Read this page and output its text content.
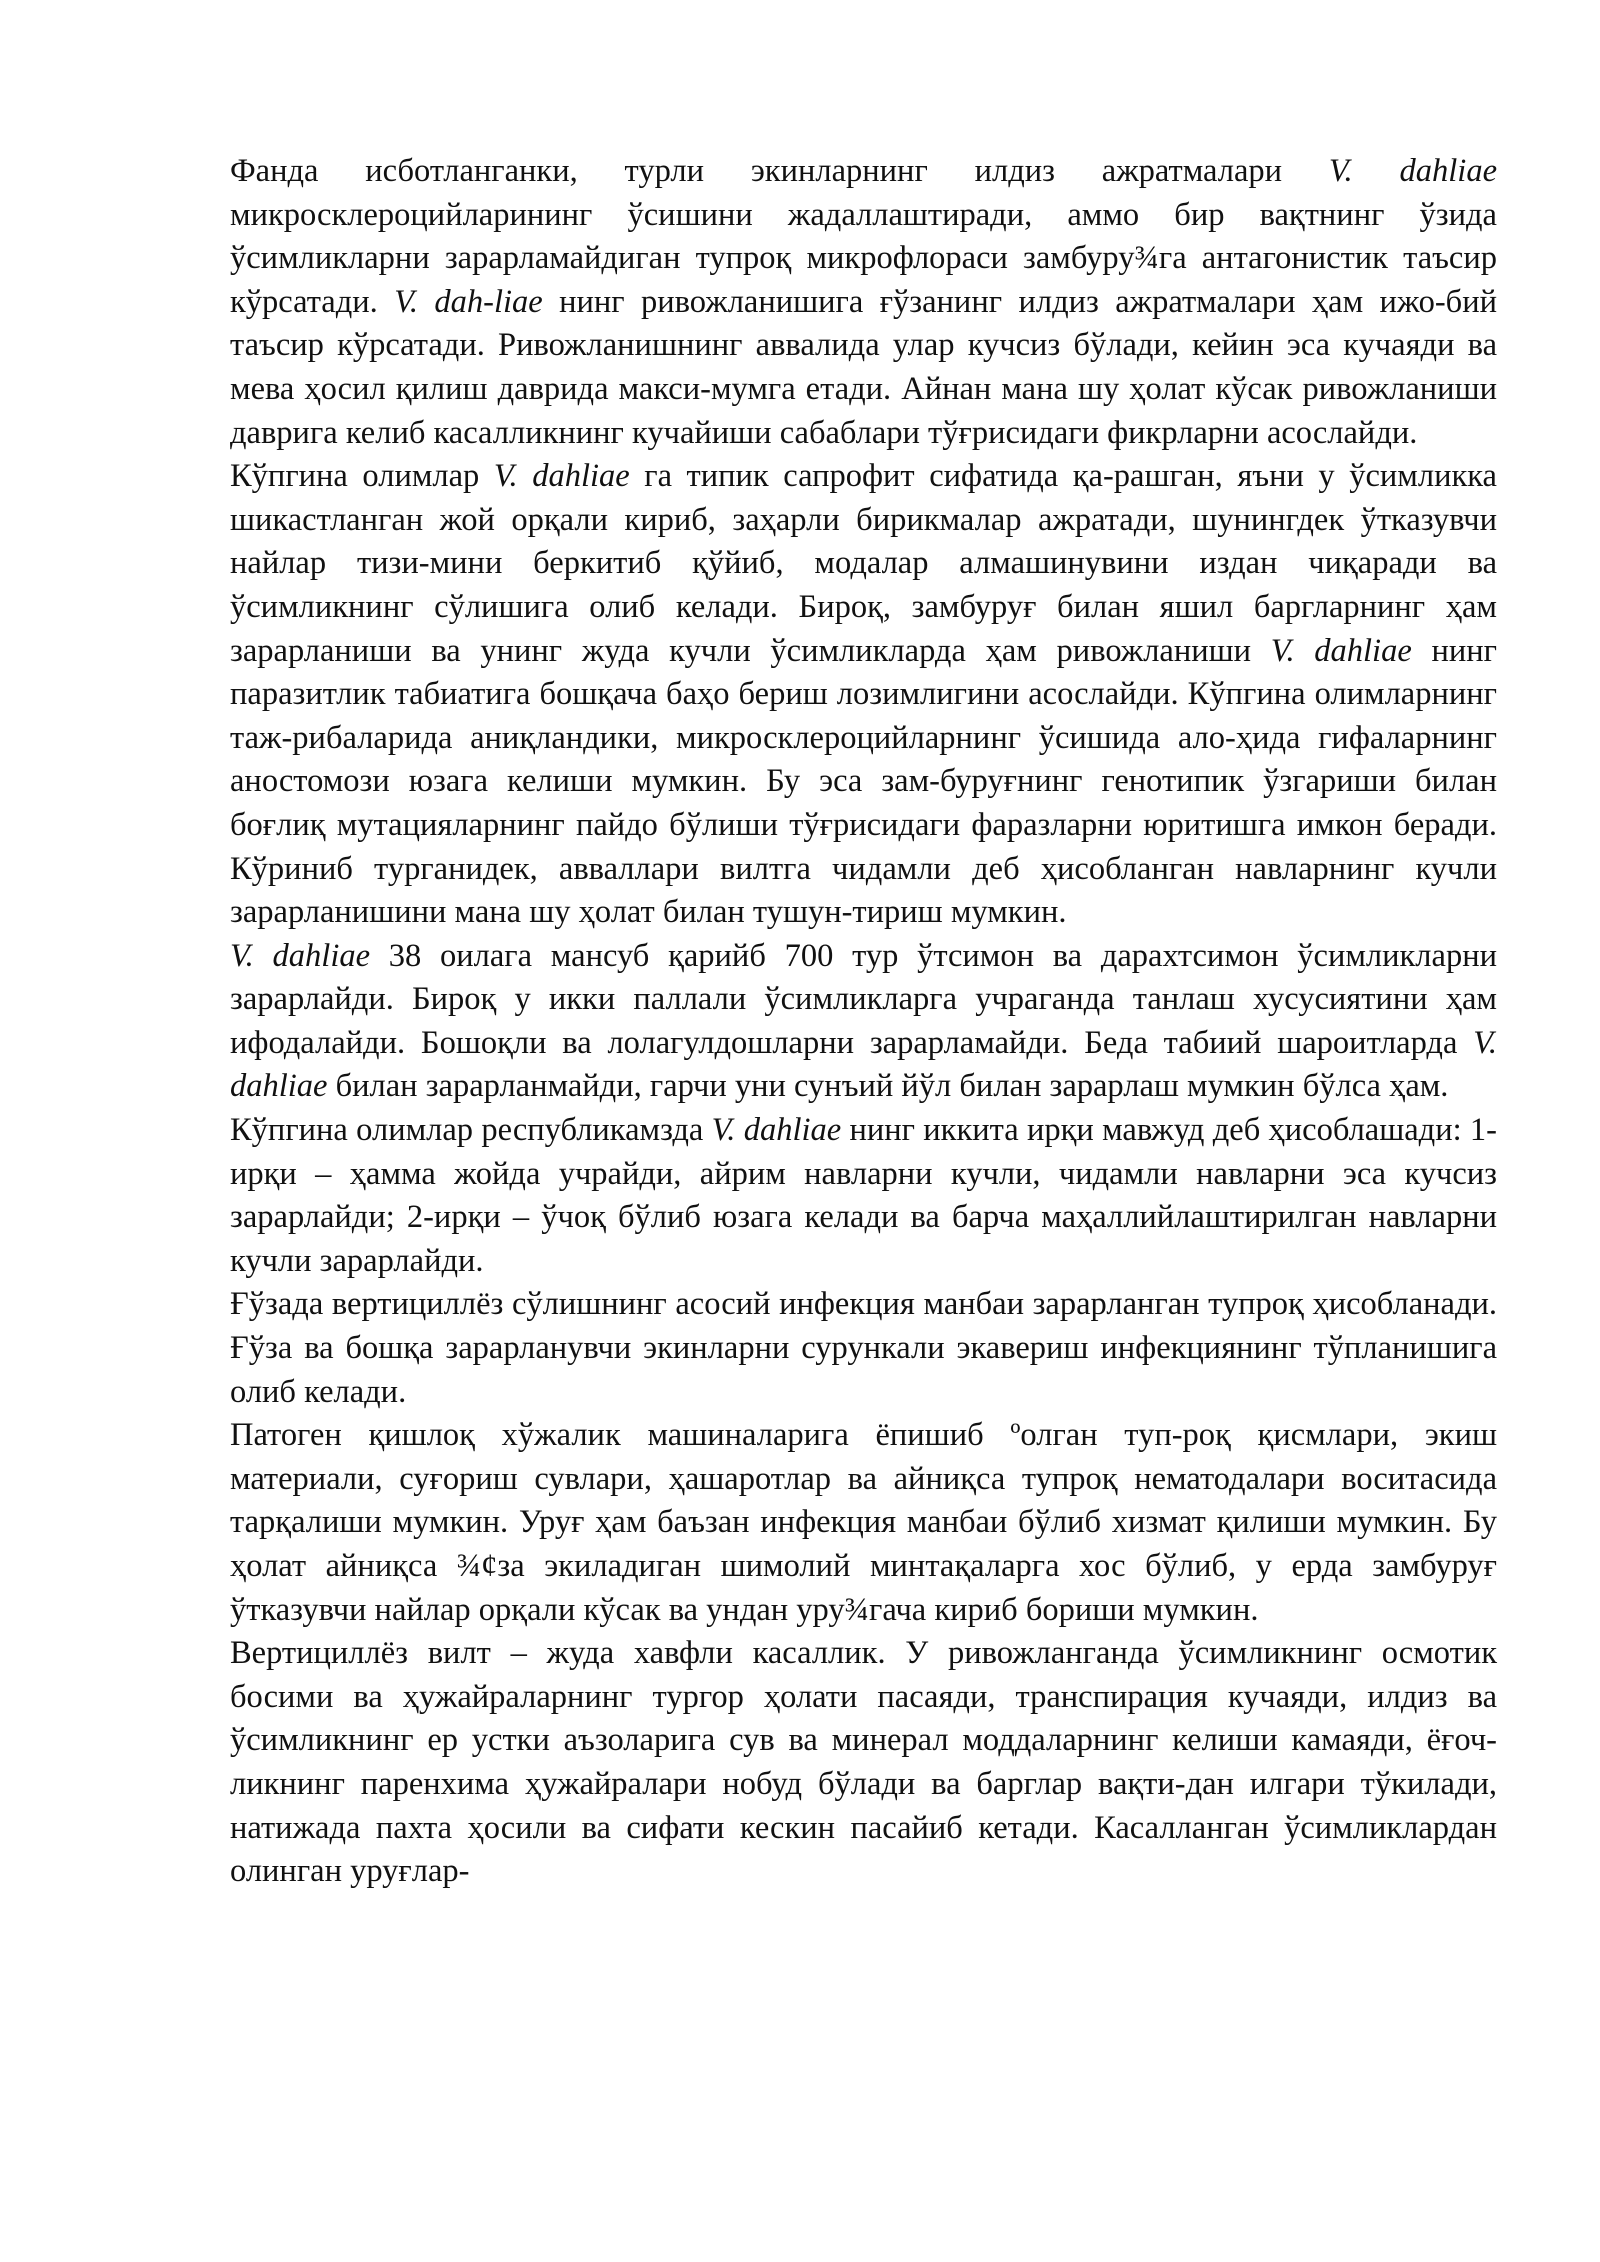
Фанда исботланганки, турли экинларнинг илдиз ажратмалари V. dahliae микросклероцийларининг ўсишини жадаллаштиради, аммо бир вақтнинг ўзида ўсимликларни зарарламайдиган тупроқ микрофлораси замбуру¾га антагонистик таъсир кўрсатади. V. dah-liae нинг ривожланишига ғўзанинг илдиз ажратмалари ҳам ижо-бий таъсир кўрсатади. Ривожланишнинг аввалида улар кучсиз бўлади, кейин эса кучаяди ва мева ҳосил қилиш даврида макси-мумга етади. Айнан мана шу ҳолат кўсак ривожланиши даврига келиб касалликнинг кучайиши сабаблари тўғрисидаги фикрларни асослайди.

Кўпгина олимлар V. dahliae га типик сапрофит сифатида қа-рашган, яъни у ўсимликка шикастланган жой орқали кириб, заҳарли бирикмалар ажратади, шунингдек ўтказувчи найлар тизи-мини беркитиб қўйиб, модалар алмашинувини издан чиқаради ва ўсимликнинг сўлишига олиб келади. Бироқ, замбуруғ билан яшил баргларнинг ҳам зарарланиши ва унинг жуда кучли ўсимликларда ҳам ривожланиши V. dahliae нинг паразитлик табиатига бошқача баҳо бериш лозимлигини асослайди. Кўпгина олимларнинг таж-рибаларида аниқландики, микросклероцийларнинг ўсишида ало-ҳида гифаларнинг аностомози юзага келиши мумкин. Бу эса зам-буруғнинг генотипик ўзгариши билан боғлиқ мутацияларнинг пайдо бўлиши тўғрисидаги фаразларни юритишга имкон беради. Кўриниб турганидек, авваллари вилтга чидамли деб ҳисобланган навларнинг кучли зарарланишини мана шу ҳолат билан тушун-тириш мумкин.

V. dahliae 38 оилага мансуб қарийб 700 тур ўтсимон ва дарахтсимон ўсимликларни зарарлайди. Бироқ у икки паллали ўсимликларга учраганда танлаш хусусиятини ҳам ифодалайди. Бошоқли ва лолагулдошларни зарарламайди. Беда табиий шароитларда V. dahliae билан зарарланмайди, гарчи уни сунъий йўл билан зарарлаш мумкин бўлса ҳам.

Кўпгина олимлар республикамзда V. dahliae нинг иккита ирқи мавжуд деб ҳисоблашади: 1-ирқи – ҳамма жойда учрайди, айрим навларни кучли, чидамли навларни эса кучсиз зарарлайди; 2-ирқи – ўчоқ бўлиб юзага келади ва барча маҳаллийлаштирилган навларни кучли зарарлайди.

Ғўзада вертициллёз сўлишнинг асосий инфекция манбаи зарарланган тупроқ ҳисобланади. Ғўза ва бошқа зарарланувчи экинларни сурункали экавериш инфекциянинг тўпланишига олиб келади.

Патоген қишлоқ хўжалик машиналарига ёпишиб ºолган туп-роқ қисмлари, экиш материали, суғориш сувлари, ҳашаротлар ва айниқса тупроқ нематодалари воситасида тарқалиши мумкин. Уруғ ҳам баъзан инфекция манбаи бўлиб хизмат қилиши мумкин. Бу ҳолат айниқса ¾¢за экиладиган шимолий минтақаларга хос бўлиб, у ерда замбуруғ ўтказувчи найлар орқали кўсак ва ундан уру¾гача кириб бориши мумкин.

Вертициллёз вилт – жуда хавфли касаллик. У ривожланганда ўсимликнинг осмотик босими ва ҳужайраларнинг тургор ҳолати пасаяди, транспирация кучаяди, илдиз ва ўсимликнинг ер устки аъзоларига сув ва минерал моддаларнинг келиши камаяди, ёғоч-ликнинг паренхима ҳужайралари нобуд бўлади ва барглар вақти-дан илгари тўкилади, натижада пахта ҳосили ва сифати кескин пасайиб кетади. Касалланган ўсимликлардан олинган уруғлар-
